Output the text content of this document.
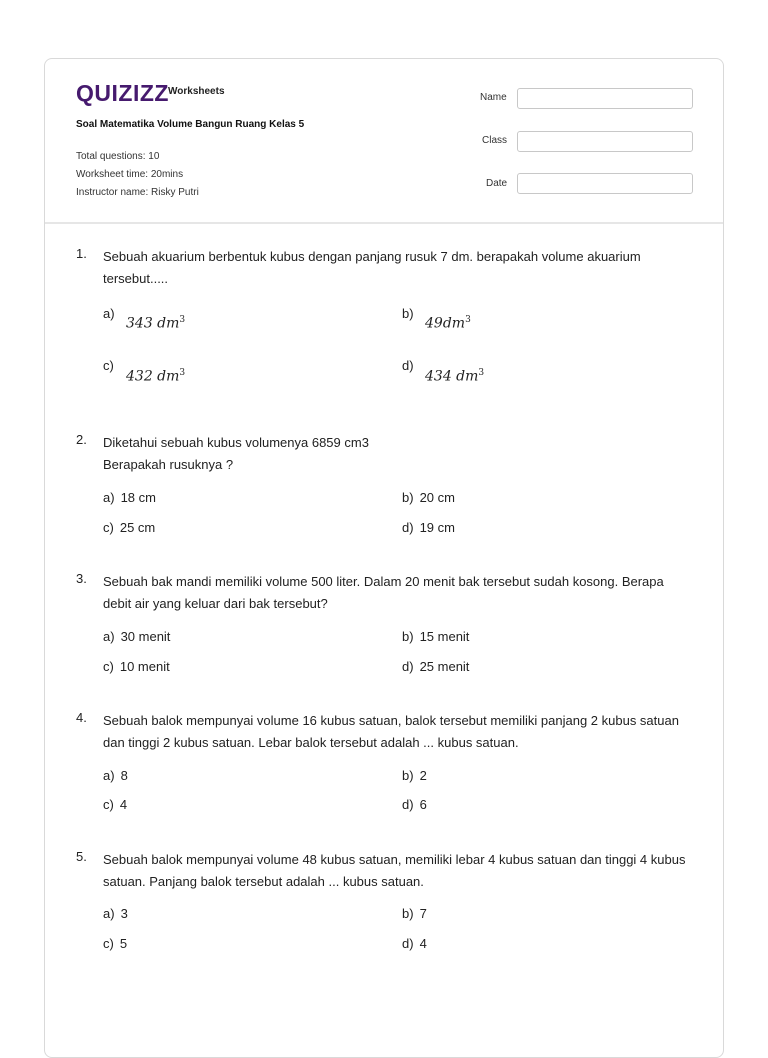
QUIZIZZ Worksheets
Soal Matematika Volume Bangun Ruang Kelas 5
Total questions: 10
Worksheet time: 20mins
Instructor name: Risky Putri
Name
Class
Date
1. Sebuah akuarium berbentuk kubus dengan panjang rusuk 7 dm. berapakah volume akuarium tersebut.....
a)
343 $dm^3$	b)
$49dm^3$
c)
432 $dm^3$	d)
434 $dm^3$
2. Diketahui sebuah kubus volumenya 6859 cm3
Berapakah rusuknya ?
a) 18 cm	b) 20 cm
c) 25 cm	d) 19 cm
3. Sebuah bak mandi memiliki volume 500 liter. Dalam 20 menit bak tersebut sudah kosong. Berapa debit air yang keluar dari bak tersebut?
a) 30 menit	b) 15 menit
c) 10 menit	d) 25 menit
4. Sebuah balok mempunyai volume 16 kubus satuan, balok tersebut memiliki panjang 2 kubus satuan dan tinggi 2 kubus satuan. Lebar balok tersebut adalah ... kubus satuan.
a) 8	b) 2
c) 4	d) 6
5. Sebuah balok mempunyai volume 48 kubus satuan, memiliki lebar 4 kubus satuan dan tinggi 4 kubus satuan. Panjang balok tersebut adalah ... kubus satuan.
a) 3	b) 7
c) 5	d) 4
